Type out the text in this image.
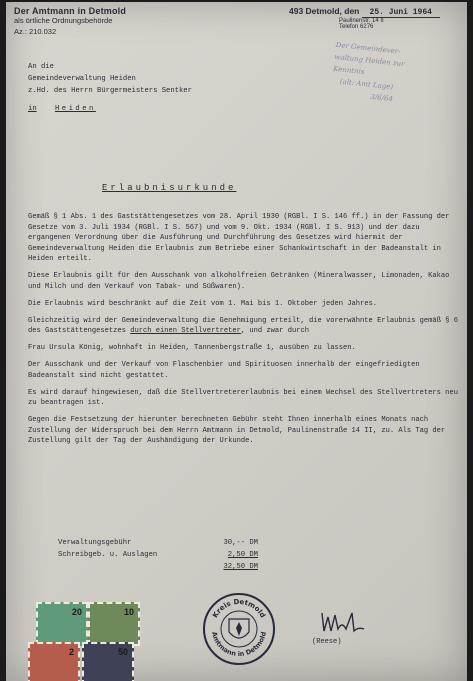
Der Amtmann in Detmold
als örtliche Ordnungsbehörde
Az.: 210.032
493 Detmold, den 25. Juni 1964
Paulinenstr. 14 II
Telefon 6276
Der Gemeindever-
waltung Heiden zur
Kenntnis
(alt: Amt Lage)
3/6/64
An die
Gemeindeverwaltung Heiden
z.Hd. des Herrn Bürgermeisters Sentker
in	Heiden
Erlaubnisurkunde

Gemäß § 1 Abs. 1 des Gaststättengesetzes vom 28. April 1930 (RGBl. I S. 146 ff.) in der Fassung der Gesetze vom 3. Juli 1934 (RGBl. I S. 567) und vom 9. Okt. 1934 (RGBl. I S. 913) und der dazu ergangenen Verordnung über die Ausführung und Durchführung des Gesetzes wird hiermit der Gemeindeverwaltung Heiden die Erlaubnis zum Betriebe einer Schankwirtschaft in der Badeanstalt in Heiden erteilt.

Diese Erlaubnis gilt für den Ausschank von alkoholfreien Getränken (Mineralwasser, Limonaden, Kakao und Milch und den Verkauf von Tabak- und Süßwaren).

Die Erlaubnis wird beschränkt auf die Zeit vom 1. Mai bis 1. Oktober jeden Jahres.

Gleichzeitig wird der Gemeindeverwaltung die Genehmigung erteilt, die vorerwähnte Erlaubnis gemäß § 6 des Gaststättengesetzes durch einen Stellvertreter, und zwar durch

Frau Ursula König, wohnhaft in Heiden, Tannenbergstraße 1, ausüben zu lassen.

Der Ausschank und der Verkauf von Flaschenbier und Spirituosen innerhalb der eingefriedigten Badeanstalt sind nicht gestattet.

Es wird darauf hingewiesen, daß die Stellvertretererlaubnis bei einem Wechsel des Stellvertreters neu zu beantragen ist.

Gegen die Festsetzung der hierunter berechneten Gebühr steht Ihnen innerhalb eines Monats nach Zustellung der Widerspruch bei dem Herrn Amtmann in Detmold, Paulinenstraße 14 II, zu. Als Tag der Zustellung gilt der Tag der Aushändigung der Urkunde.

Verwaltungsgebühr	30,-- DM
Schreibgeb. u. Auslagen	2,50 DM
32,50 DM
20	10
2	50
Kreis Detmold
Amtmann in Detmold
(Reese)
